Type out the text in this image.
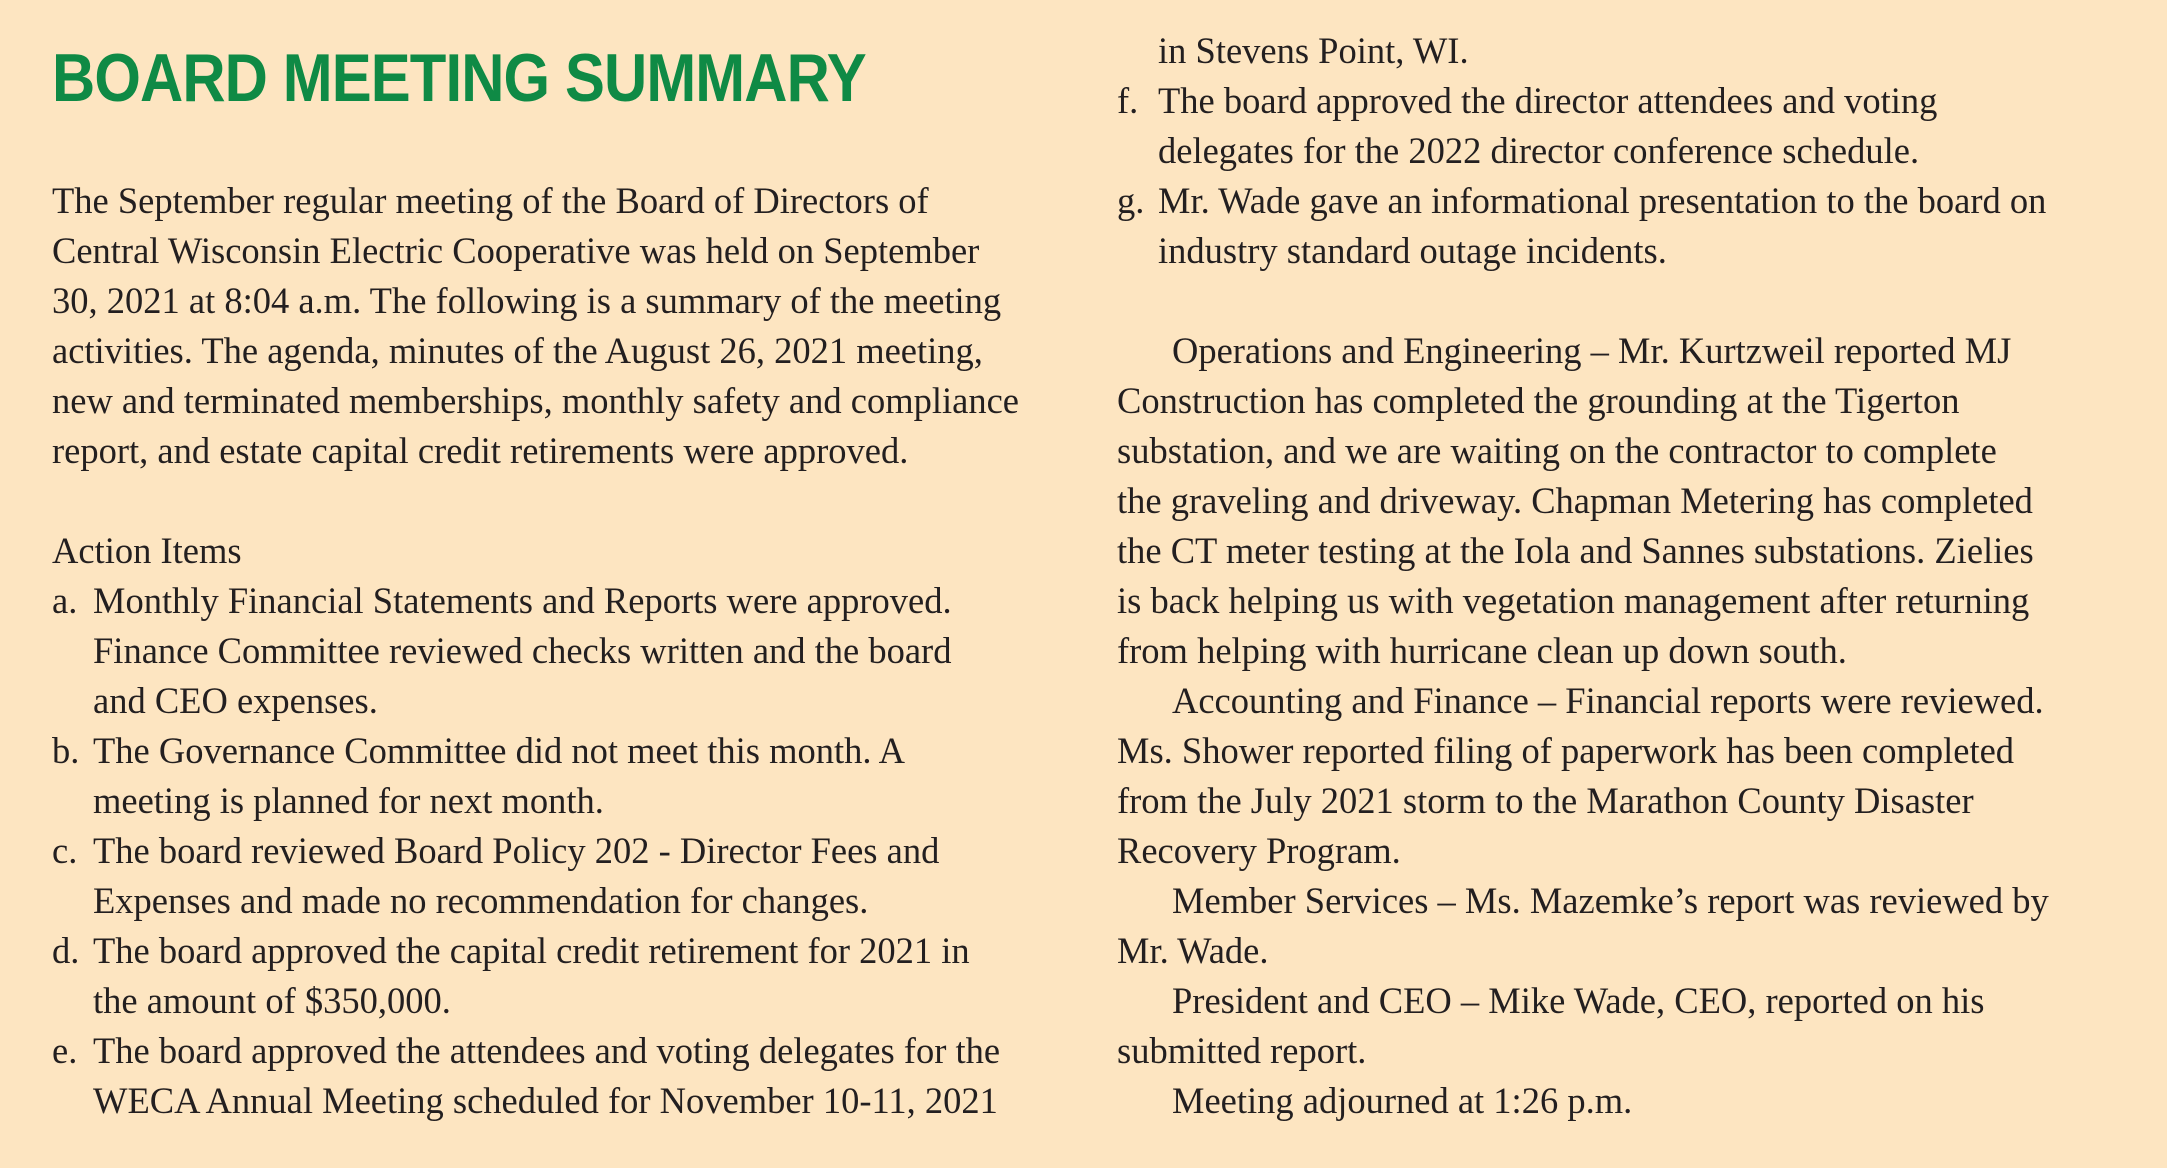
BOARD MEETING SUMMARY
The September regular meeting of the Board of Directors of
Central Wisconsin Electric Cooperative was held on September
30, 2021 at 8:04 a.m. The following is a summary of the meeting
activities. The agenda, minutes of the August 26, 2021 meeting,
new and terminated memberships, monthly safety and compliance
report, and estate capital credit retirements were approved.
Action Items
a. Monthly Financial Statements and Reports were approved.
Finance Committee reviewed checks written and the board
and CEO expenses.
b. The Governance Committee did not meet this month. A
meeting is planned for next month.
c. The board reviewed Board Policy 202 - Director Fees and
Expenses and made no recommendation for changes.
d. The board approved the capital credit retirement for 2021 in
the amount of $350,000.
e. The board approved the attendees and voting delegates for the
WECA Annual Meeting scheduled for November 10-11, 2021
in Stevens Point, WI.
f. The board approved the director attendees and voting
delegates for the 2022 director conference schedule.
g. Mr. Wade gave an informational presentation to the board on
industry standard outage incidents.
Operations and Engineering – Mr. Kurtzweil reported MJ
Construction has completed the grounding at the Tigerton
substation, and we are waiting on the contractor to complete
the graveling and driveway. Chapman Metering has completed
the CT meter testing at the Iola and Sannes substations. Zielies
is back helping us with vegetation management after returning
from helping with hurricane clean up down south.
Accounting and Finance – Financial reports were reviewed.
Ms. Shower reported filing of paperwork has been completed
from the July 2021 storm to the Marathon County Disaster
Recovery Program.
Member Services – Ms. Mazemke’s report was reviewed by
Mr. Wade.
President and CEO – Mike Wade, CEO, reported on his
submitted report.
Meeting adjourned at 1:26 p.m.
